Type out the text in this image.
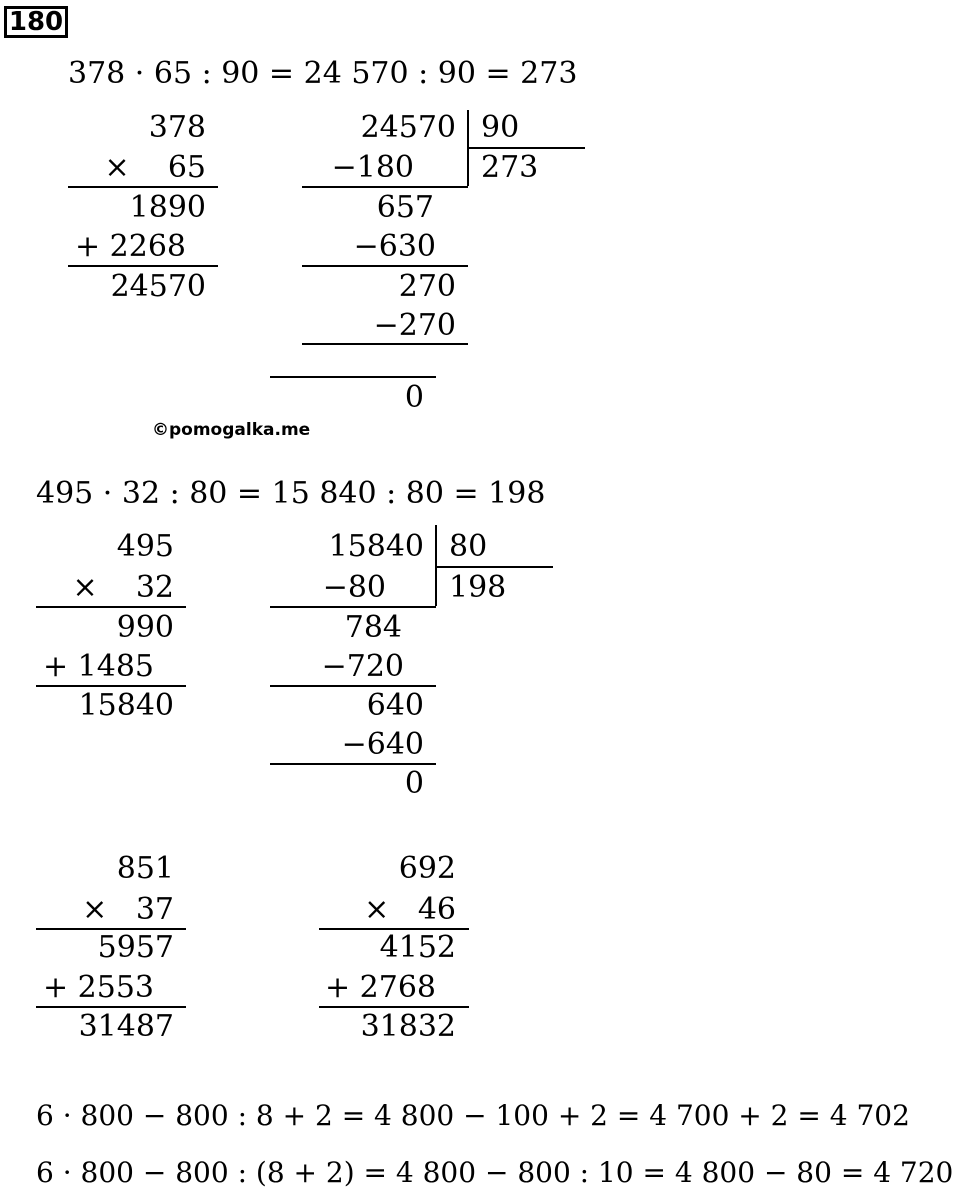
180
378 · 65 : 90 = 24 570 : 90 = 273
378
×    65
1890
+ 2268
24570
24570 90
273
−180
657
−630
270
−270
0
©pomogalka.me
495 · 32 : 80 = 15 840 : 80 = 198
495
×    32
990
+ 1485
15840
15840 80
198
−80
784
−720
640
−640
0
851
×   37
5957
+ 2553
31487
692
×   46
4152
+ 2768
31832
6 · 800 − 800 : 8 + 2 = 4 800 − 100 + 2 = 4 700 + 2 = 4 702
6 · 800 − 800 : (8 + 2) = 4 800 − 800 : 10 = 4 800 − 80 = 4 720
